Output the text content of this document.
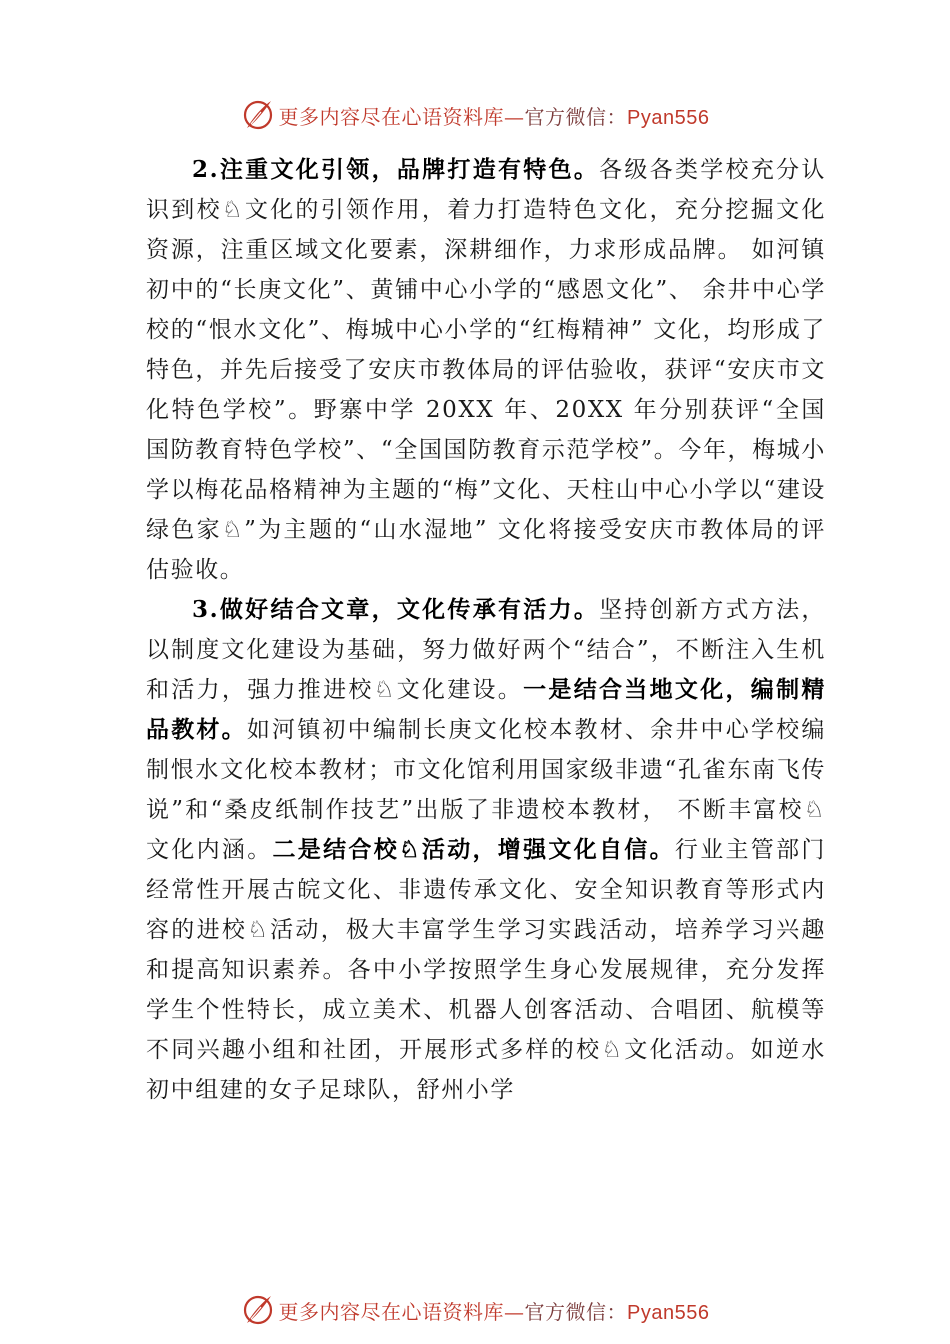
更多内容尽在心语资料库—官方微信：Pyan556

2.注重文化引领，品牌打造有特色。各级各类学校充分认识到校♘文化的引领作用，着力打造特色文化，充分挖掘文化资源，注重区域文化要素，深耕细作，力求形成品牌。 如河镇初中的“长庚文化”、黄铺中心小学的“感恩文化”、 余井中心学校的“恨水文化”、梅城中心小学的“红梅精神” 文化，均形成了特色，并先后接受了安庆市教体局的评估验收，获评“安庆市文化特色学校”。野寨中学 20XX 年、20XX 年分别获评“全国国防教育特色学校”、“全国国防教育示范学校”。今年，梅城小学以梅花品格精神为主题的“梅”文化、天柱山中心小学以“建设绿色家♘”为主题的“山水湿地” 文化将接受安庆市教体局的评估验收。

3.做好结合文章，文化传承有活力。坚持创新方式方法，以制度文化建设为基础，努力做好两个“结合”，不断注入生机和活力，强力推进校♘文化建设。一是结合当地文化，编制精品教材。如河镇初中编制长庚文化校本教材、余井中心学校编制恨水文化校本教材；市文化馆利用国家级非遗“孔雀东南飞传说”和“桑皮纸制作技艺”出版了非遗校本教材， 不断丰富校♘文化内涵。二是结合校♘活动，增强文化自信。行业主管部门经常性开展古皖文化、非遗传承文化、安全知识教育等形式内容的进校♘活动，极大丰富学生学习实践活动，培养学习兴趣和提高知识素养。各中小学按照学生身心发展规律，充分发挥学生个性特长，成立美术、机器人创客活动、合唱团、航模等不同兴趣小组和社团，开展形式多样的校♘文化活动。如逆水初中组建的女子足球队，舒州小学

更多内容尽在心语资料库—官方微信：Pyan556
